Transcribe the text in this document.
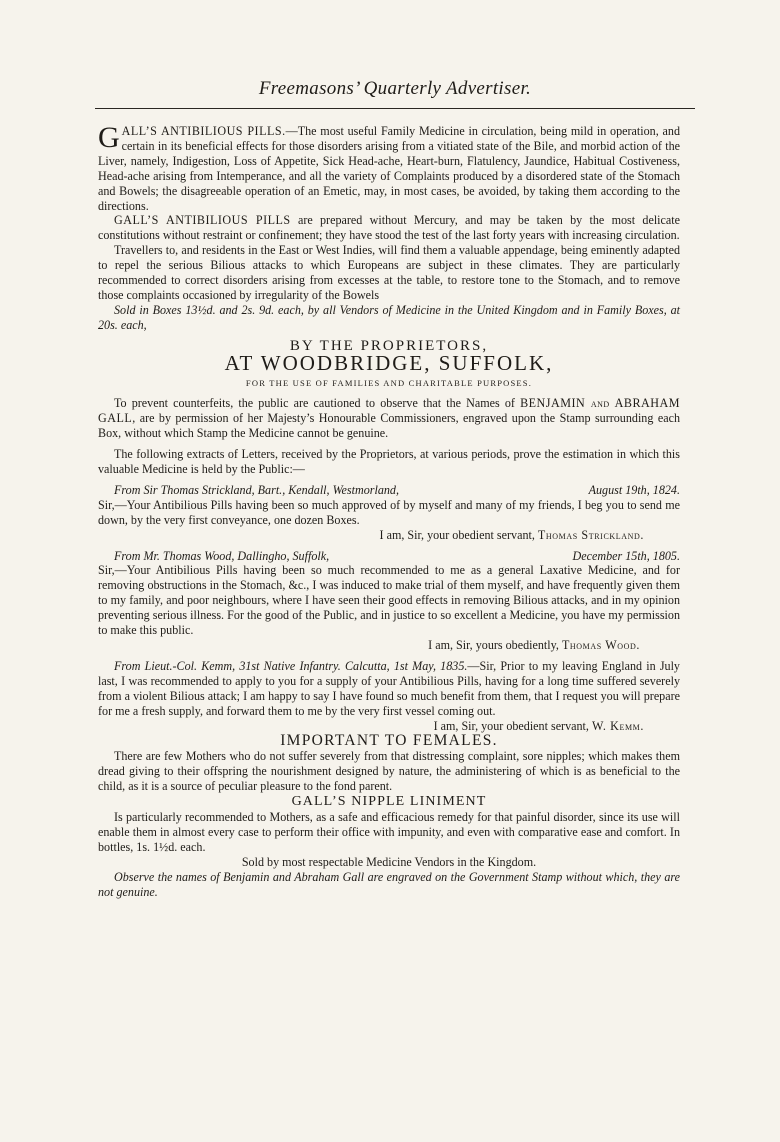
Freemasons’ Quarterly Advertiser.

GALL’S ANTIBILIOUS PILLS.—The most useful Family Medicine in circulation, being mild in operation, and certain in its beneficial effects for those disorders arising from a vitiated state of the Bile, and morbid action of the Liver, namely, Indigestion, Loss of Appetite, Sick Head-ache, Heart-burn, Flatulency, Jaundice, Habitual Costiveness, Head-ache arising from Intemperance, and all the variety of Complaints produced by a disordered state of the Stomach and Bowels; the disagreeable operation of an Emetic, may, in most cases, be avoided, by taking them according to the directions.

GALL’S ANTIBILIOUS PILLS are prepared without Mercury, and may be taken by the most delicate constitutions without restraint or confinement; they have stood the test of the last forty years with increasing circulation.

Travellers to, and residents in the East or West Indies, will find them a valuable appendage, being eminently adapted to repel the serious Bilious attacks to which Europeans are subject in these climates. They are particularly recommended to correct disorders arising from excesses at the table, to restore tone to the Stomach, and to remove those complaints occasioned by irregularity of the Bowels

Sold in Boxes 13½d. and 2s. 9d. each, by all Vendors of Medicine in the United Kingdom and in Family Boxes, at 20s. each,

BY THE PROPRIETORS,
AT WOODBRIDGE, SUFFOLK,
FOR THE USE OF FAMILIES AND CHARITABLE PURPOSES.

To prevent counterfeits, the public are cautioned to observe that the Names of BENJAMIN and ABRAHAM GALL, are by permission of her Majesty’s Honourable Commissioners, engraved upon the Stamp surrounding each Box, without which Stamp the Medicine cannot be genuine.

The following extracts of Letters, received by the Proprietors, at various periods, prove the estimation in which this valuable Medicine is held by the Public:—

From Sir Thomas Strickland, Bart., Kendall, Westmorland,	August 19th, 1824.

Sir,—Your Antibilious Pills having been so much approved of by myself and many of my friends, I beg you to send me down, by the very first conveyance, one dozen Boxes.

I am, Sir, your obedient servant, Thomas Strickland.

From Mr. Thomas Wood, Dallingho, Suffolk,	December 15th, 1805.

Sir,—Your Antibilious Pills having been so much recommended to me as a general Laxative Medicine, and for removing obstructions in the Stomach, &c., I was induced to make trial of them myself, and have frequently given them to my family, and poor neighbours, where I have seen their good effects in removing Bilious attacks, and in my opinion preventing serious illness. For the good of the Public, and in justice to so excellent a Medicine, you have my permission to make this public.

I am, Sir, yours obediently, Thomas Wood.

From Lieut.-Col. Kemm, 31st Native Infantry. Calcutta, 1st May, 1835.—Sir, Prior to my leaving England in July last, I was recommended to apply to you for a supply of your Antibilious Pills, having for a long time suffered severely from a violent Bilious attack; I am happy to say I have found so much benefit from them, that I request you will prepare for me a fresh supply, and forward them to me by the very first vessel coming out.

I am, Sir, your obedient servant, W. Kemm.

IMPORTANT TO FEMALES.

There are few Mothers who do not suffer severely from that distressing complaint, sore nipples; which makes them dread giving to their offspring the nourishment designed by nature, the administering of which is as beneficial to the child, as it is a source of peculiar pleasure to the fond parent.

GALL’S NIPPLE LINIMENT

Is particularly recommended to Mothers, as a safe and efficacious remedy for that painful disorder, since its use will enable them in almost every case to perform their office with impunity, and even with comparative ease and comfort. In bottles, 1s. 1½d. each.

Sold by most respectable Medicine Vendors in the Kingdom.

Observe the names of Benjamin and Abraham Gall are engraved on the Government Stamp without which, they are not genuine.
